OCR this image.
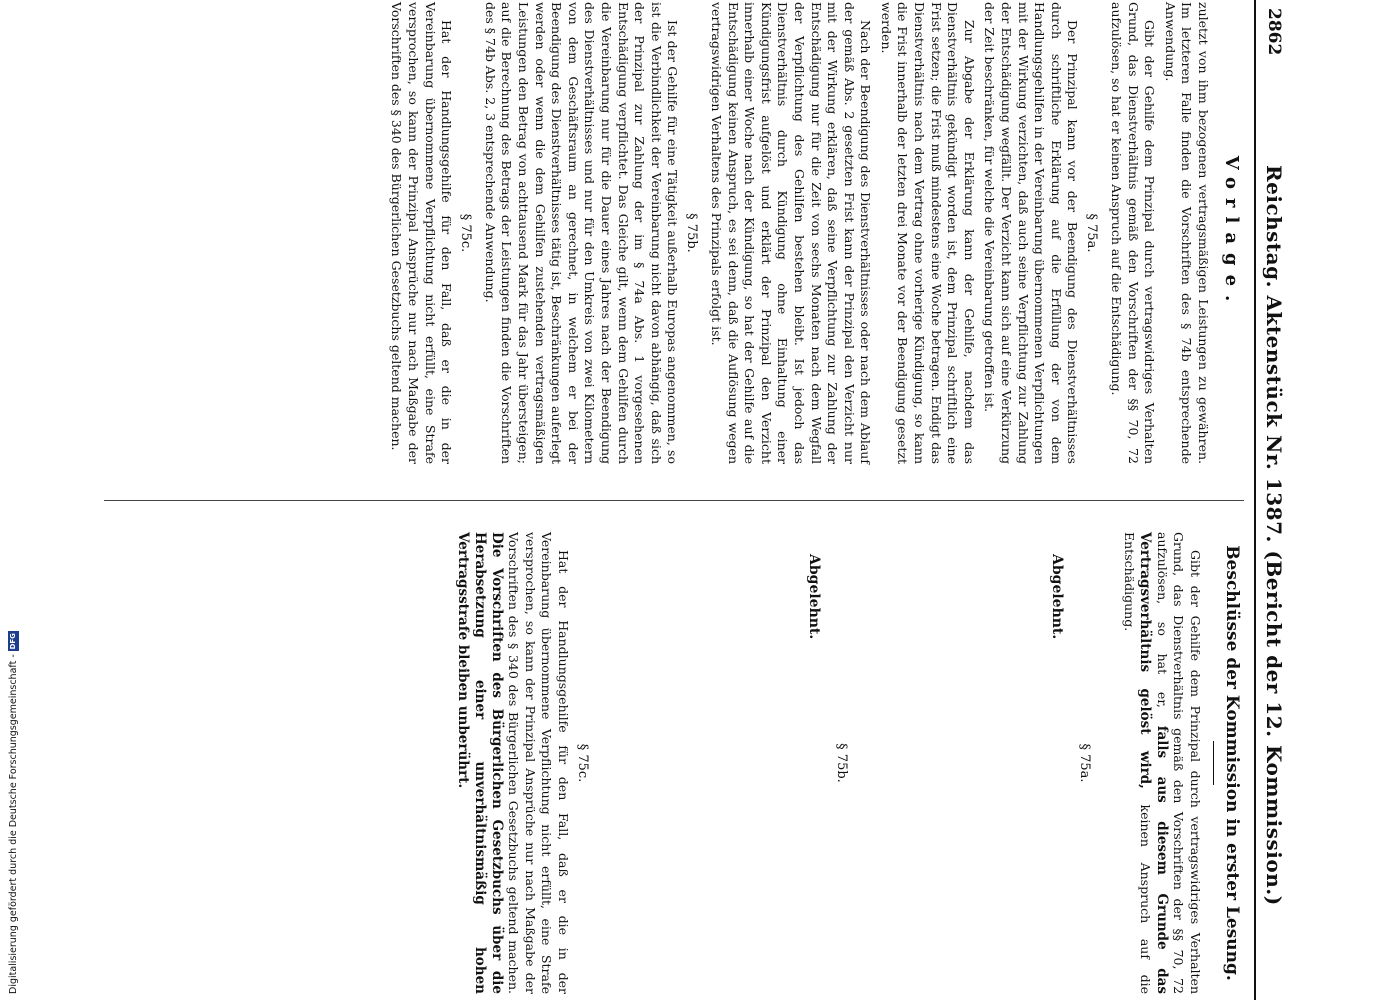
2862
Reichstag. Aktenstück Nr. 1387. (Bericht der 12. Kommission.)
Vorlage.

zuletzt von ihm bezogenen vertragsmäßigen Leistungen zu gewähren. Im letzteren Falle finden die Vorschriften des § 74b entsprechende Anwendung.

Gibt der Gehilfe dem Prinzipal durch vertragswidriges Verhalten Grund, das Dienstverhältnis gemäß den Vorschriften der §§ 70, 72 aufzulösen, so hat er keinen Anspruch auf die Entschädigung.

§ 75a.

Der Prinzipal kann vor der Beendigung des Dienstverhältnisses durch schriftliche Erklärung auf die Erfüllung der von dem Handlungsgehilfen in der Vereinbarung übernommenen Verpflichtungen mit der Wirkung verzichten, daß auch seine Verpflichtung zur Zahlung der Entschädigung wegfällt. Der Verzicht kann sich auf eine Verkürzung der Zeit beschränken, für welche die Vereinbarung getroffen ist.

Zur Abgabe der Erklärung kann der Gehilfe, nachdem das Dienstverhältnis gekündigt worden ist, dem Prinzipal schriftlich eine Frist setzen; die Frist muß mindestens eine Woche betragen. Endigt das Dienstverhältnis nach dem Vertrag ohne vorherige Kündigung, so kann die Frist innerhalb der letzten drei Monate vor der Beendigung gesetzt werden.

Nach der Beendigung des Dienstverhältnisses oder nach dem Ablauf der gemäß Abs. 2 gesetzten Frist kann der Prinzipal den Verzicht nur mit der Wirkung erklären, daß seine Verpflichtung zur Zahlung der Entschädigung nur für die Zeit von sechs Monaten nach dem Wegfall der Verpflichtung des Gehilfen bestehen bleibt. Ist jedoch das Dienstverhältnis durch Kündigung ohne Einhaltung einer Kündigungsfrist aufgelöst und erklärt der Prinzipal den Verzicht innerhalb einer Woche nach der Kündigung, so hat der Gehilfe auf die Entschädigung keinen Anspruch, es sei denn, daß die Auflösung wegen vertragswidrigen Verhaltens des Prinzipals erfolgt ist.

§ 75b.

Ist der Gehilfe für eine Tätigkeit außerhalb Europas angenommen, so ist die Verbindlichkeit der Vereinbarung nicht davon abhängig, daß sich der Prinzipal zur Zahlung der im § 74a Abs. 1 vorgesehenen Entschädigung verpflichtet. Das Gleiche gilt, wenn dem Gehilfen durch die Vereinbarung nur für die Dauer eines Jahres nach der Beendigung des Dienstverhältnisses und nur für den Umkreis von zwei Kilometern von dem Geschäftsraum an gerechnet, in welchem er bei der Beendigung des Dienstverhältnisses tätig ist, Beschränkungen auferlegt werden oder wenn die dem Gehilfen zustehenden vertragsmäßigen Leistungen den Betrag von achttausend Mark für das Jahr übersteigen; auf die Berechnung des Betrags der Leistungen finden die Vorschriften des § 74b Abs. 2, 3 entsprechende Anwendung.

§ 75c.

Hat der Handlungsgehilfe für den Fall, daß er die in der Vereinbarung übernommene Verpflichtung nicht erfüllt, eine Strafe versprochen, so kann der Prinzipal Ansprüche nur nach Maßgabe der Vorschriften des § 340 des Bürgerlichen Gesetzbuchs geltend machen.

Beschlüsse der Kommission in erster Lesung.

Gibt der Gehilfe dem Prinzipal durch vertragswidriges Verhalten Grund, das Dienstverhältnis gemäß den Vorschriften der §§ 70, 72 aufzulösen, so hat er, falls aus diesem Grunde das Vertragsverhältnis gelöst wird, keinen Anspruch auf die Entschädigung.

§ 75a.
Abgelehnt.
§ 75b.
Abgelehnt.
§ 75c.

Hat der Handlungsgehilfe für den Fall, daß er die in der Vereinbarung übernommene Verpflichtung nicht erfüllt, eine Strafe versprochen, so kann der Prinzipal Ansprüche nur nach Maßgabe der Vorschriften des § 340 des Bürgerlichen Gesetzbuchs geltend machen. Die Vorschriften des Bürgerlichen Gesetzbuchs über die Herabsetzung einer unverhältnismäßig hohen Vertragsstrafe bleiben unberührt.

Digitalisierung gefördert durch die Deutsche Forschungsgemeinschaft -
DFG
